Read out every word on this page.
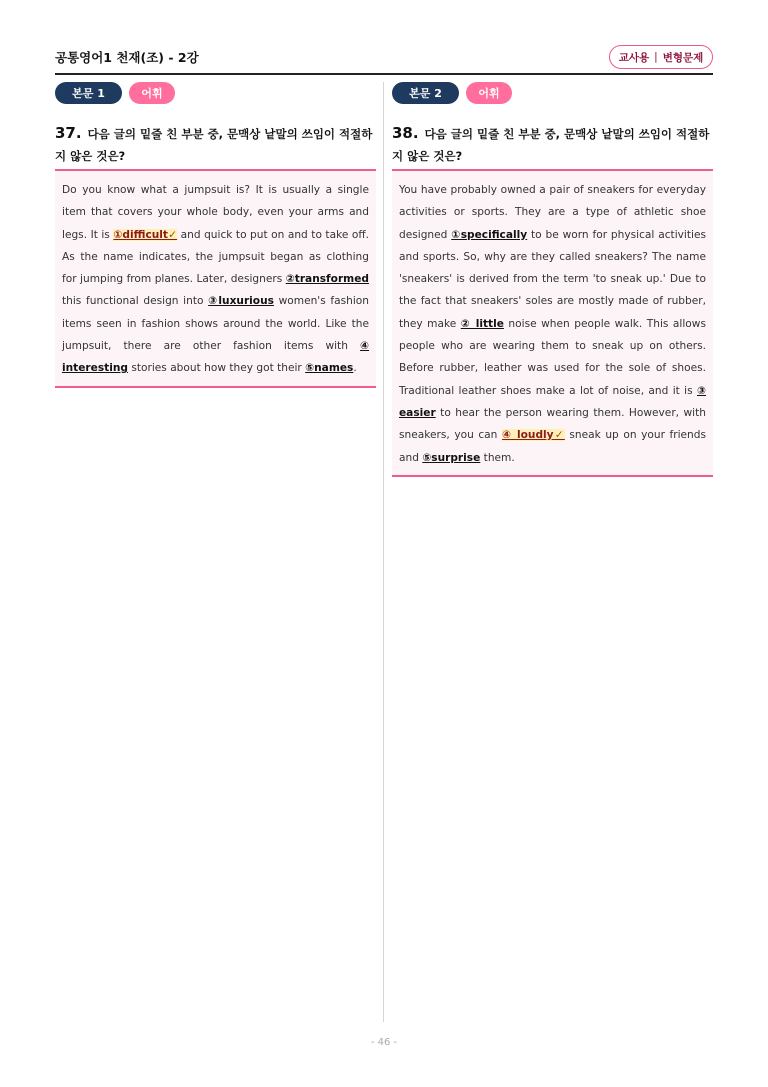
공통영어1 천재(조) - 2강	교사용 | 변형문제
본문 1	어휘
37. 다음 글의 밑줄 친 부분 중, 문맥상 낱말의 쓰임이 적절하지 않은 것은?
Do you know what a jumpsuit is? It is usually a single item that covers your whole body, even your arms and legs. It is ①difficult✓ and quick to put on and to take off. As the name indicates, the jumpsuit began as clothing for jumping from planes. Later, designers ②transformed this functional design into ③luxurious women's fashion items seen in fashion shows around the world. Like the jumpsuit, there are other fashion items with ④ interesting stories about how they got their ⑤names.
본문 2	어휘
38. 다음 글의 밑줄 친 부분 중, 문맥상 낱말의 쓰임이 적절하지 않은 것은?
You have probably owned a pair of sneakers for everyday activities or sports. They are a type of athletic shoe designed ①specifically to be worn for physical activities and sports. So, why are they called sneakers? The name 'sneakers' is derived from the term 'to sneak up.' Due to the fact that sneakers' soles are mostly made of rubber, they make ② little noise when people walk. This allows people who are wearing them to sneak up on others. Before rubber, leather was used for the sole of shoes. Traditional leather shoes make a lot of noise, and it is ③ easier to hear the person wearing them. However, with sneakers, you can ④ loudly✓ sneak up on your friends and ⑤surprise them.
- 46 -
